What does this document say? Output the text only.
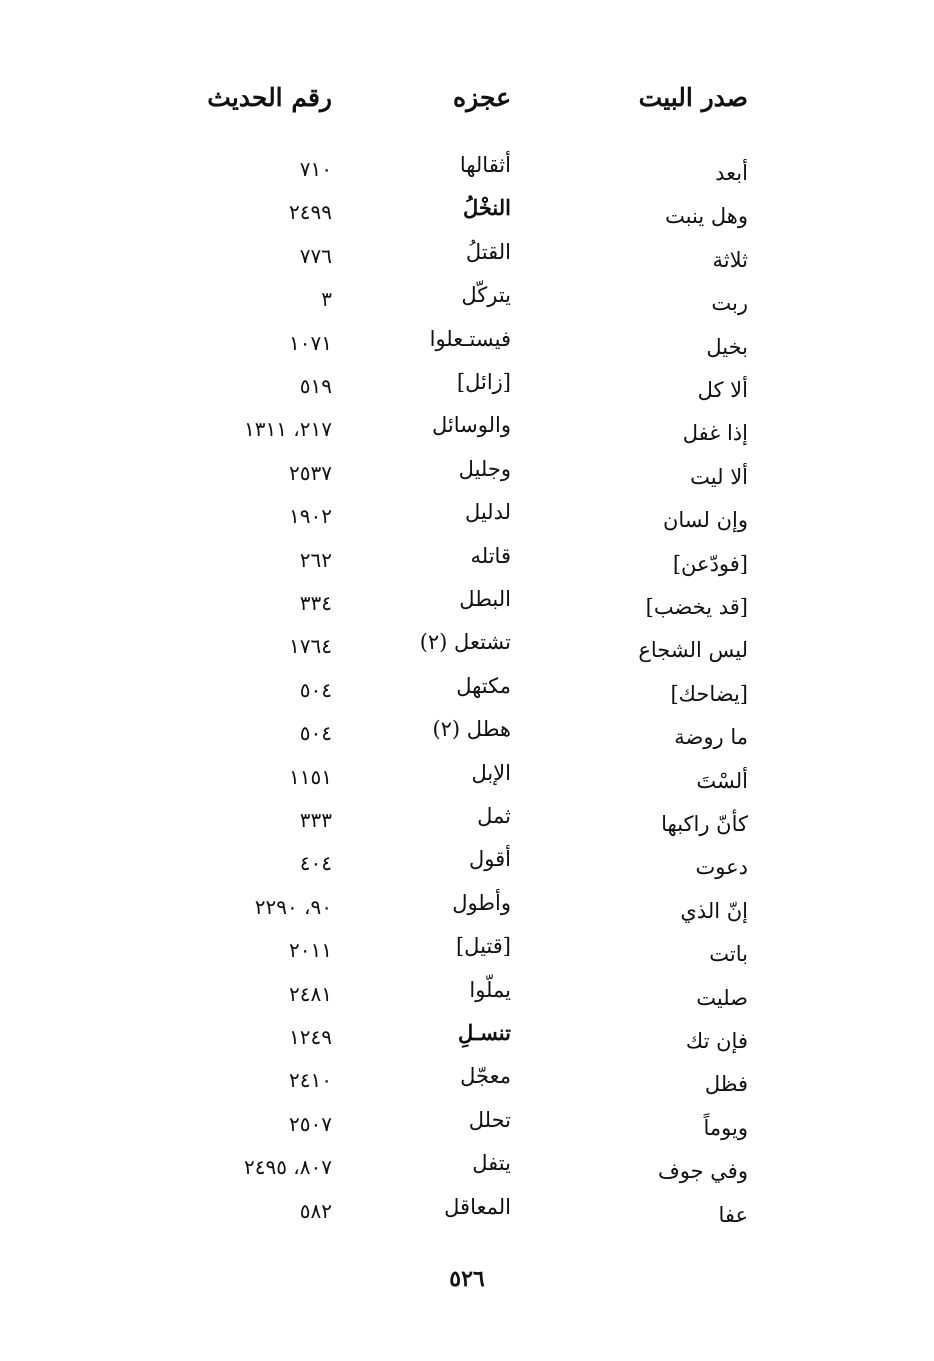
صدر البيت
عجزه
رقم الحديث
أبعد
أثقالها
٧١٠
وهل ينبت
النخْلُ
٢٤٩٩
ثلاثة
القتلُ
٧٧٦
ربت
يتركّل
٣
بخيل
فيستـعلوا
١٠٧١
ألا كل
[زائل]
٥١٩
إذا غفل
والوسائل
٢١٧، ١٣١١
ألا ليت
وجليل
٢٥٣٧
وإن لسان
لدليل
١٩٠٢
[فودّعن]
قاتله
٢٦٢
[قد يخضب]
البطل
٣٣٤
ليس الشجاع
تشتعل (٢)
١٧٦٤
[يضاحك]
مكتهل
٥٠٤
ما روضة
هطل (٢)
٥٠٤
ألسْتَ
الإبل
١١٥١
كأنّ راكبها
ثمل
٣٣٣
دعوت
أقول
٤٠٤
إنّ الذي
وأطول
٩٠، ٢٢٩٠
باتت
[قتيل]
٢٠١١
صليت
يملّوا
٢٤٨١
فإن تك
تنسـلِ
١٢٤٩
فظل
معجّل
٢٤١٠
ويوماً
تحلل
٢٥٠٧
وفي جوف
يتفل
٨٠٧، ٢٤٩٥
عفا
المعاقل
٥٨٢
٥٢٦
